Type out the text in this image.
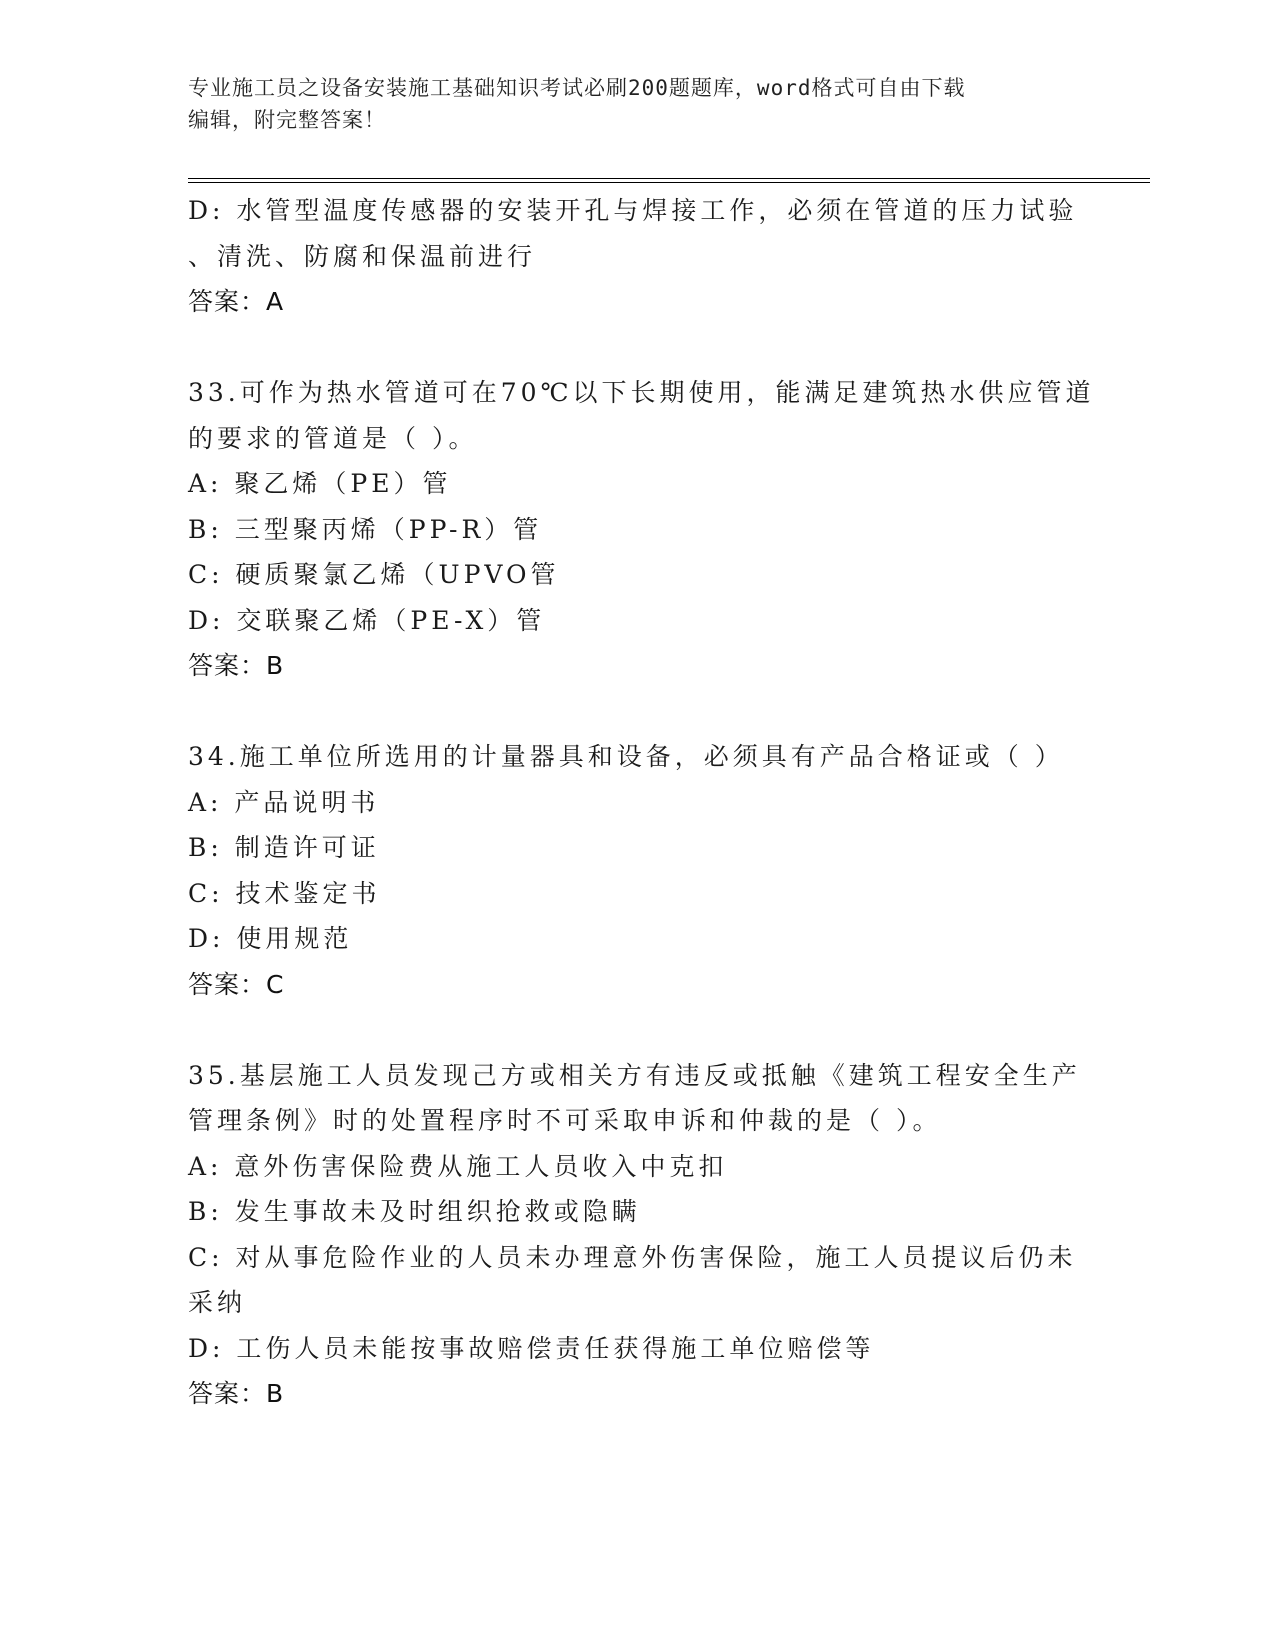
专业施工员之设备安装施工基础知识考试必刷200题题库，word格式可自由下载
编辑，附完整答案！
D: 水管型温度传感器的安装开孔与焊接工作，必须在管道的压力试验
、清洗、防腐和保温前进行
答案：A
33.可作为热水管道可在70℃以下长期使用，能满足建筑热水供应管道
的要求的管道是（ ）。
A: 聚乙烯（PE）管
B: 三型聚丙烯（PP-R）管
C: 硬质聚氯乙烯（UPVO管
D: 交联聚乙烯（PE-X）管
答案：B
34.施工单位所选用的计量器具和设备，必须具有产品合格证或（ ）
A: 产品说明书
B: 制造许可证
C: 技术鉴定书
D: 使用规范
答案：C
35.基层施工人员发现己方或相关方有违反或抵触《建筑工程安全生产
管理条例》时的处置程序时不可采取申诉和仲裁的是（ ）。
A: 意外伤害保险费从施工人员收入中克扣
B: 发生事故未及时组织抢救或隐瞒
C: 对从事危险作业的人员未办理意外伤害保险，施工人员提议后仍未
采纳
D: 工伤人员未能按事故赔偿责任获得施工单位赔偿等
答案：B
